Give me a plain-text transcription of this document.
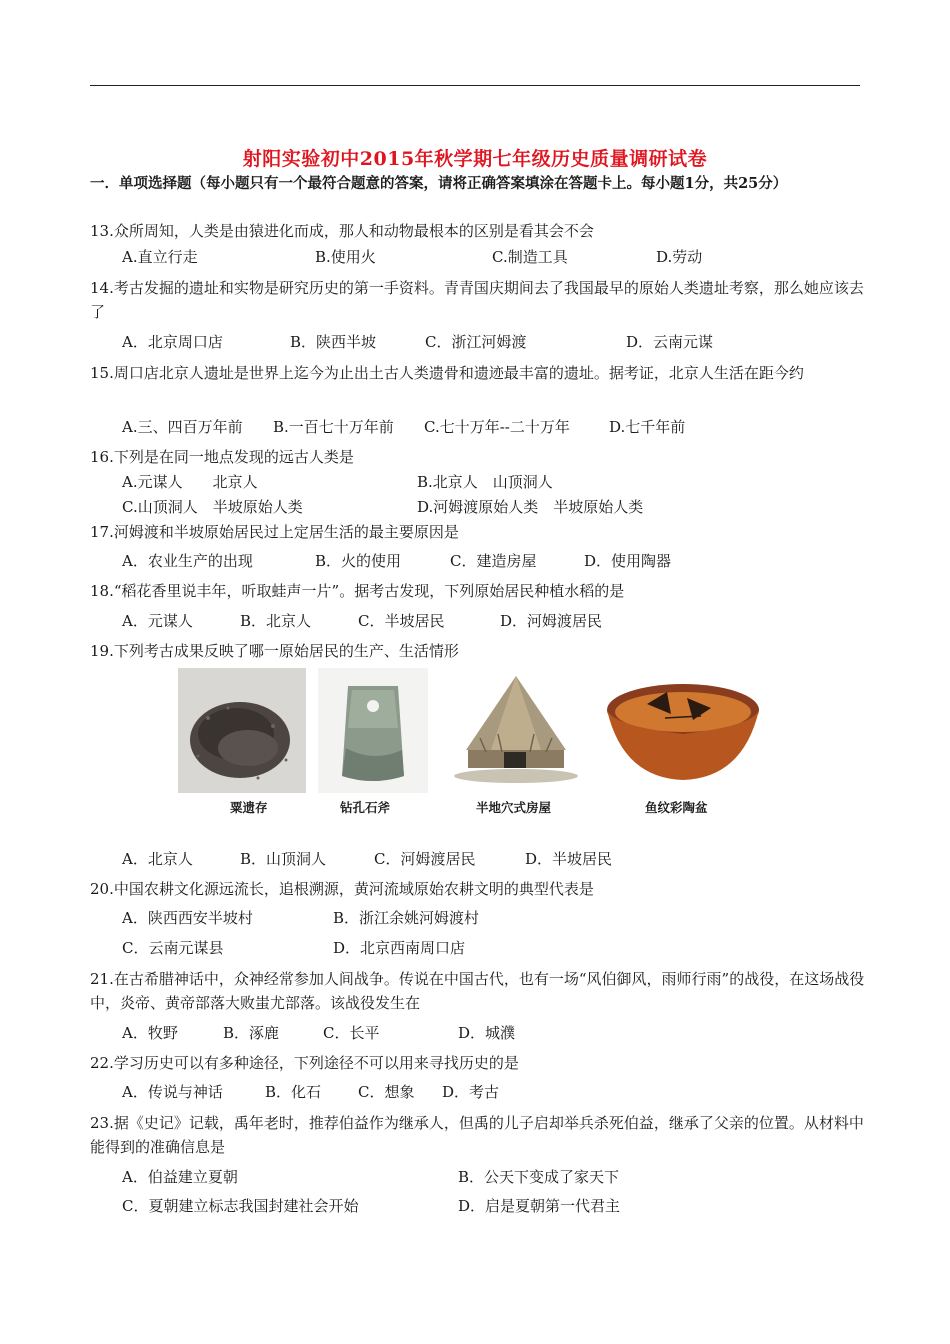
射阳实验初中2015年秋学期七年级历史质量调研试卷
一．单项选择题（每小题只有一个最符合题意的答案，请将正确答案填涂在答题卡上。每小题1分，共25分）
13.众所周知，人类是由猿进化而成，那人和动物最根本的区别是看其会不会
A.直立行走	B.使用火	C.制造工具	D.劳动
14.考古发掘的遗址和实物是研究历史的第一手资料。青青国庆期间去了我国最早的原始人类遗址考察，那么她应该去了
A．北京周口店	B．陕西半坡	C．浙江河姆渡	D．云南元谋
15.周口店北京人遗址是世界上迄今为止出土古人类遗骨和遗迹最丰富的遗址。据考证，北京人生活在距今约
A.三、四百万年前 B.一百七十万年前 C.七十万年--二十万年	D.七千年前
16.下列是在同一地点发现的远古人类是
A.元谋人　　北京人	B.北京人　山顶洞人
C.山顶洞人　半坡原始人类	D.河姆渡原始人类　半坡原始人类
17.河姆渡和半坡原始居民过上定居生活的最主要原因是
A．农业生产的出现	B．火的使用	C．建造房屋	D．使用陶器
18.“稻花香里说丰年，听取蛙声一片”。据考古发现，下列原始居民种植水稻的是
A．元谋人	B．北京人	C．半坡居民	D．河姆渡居民
19.下列考古成果反映了哪一原始居民的生产、生活情形
粟遗存	钻孔石斧	半地穴式房屋	鱼纹彩陶盆
A．北京人	B．山顶洞人	C．河姆渡居民	D．半坡居民
20.中国农耕文化源远流长，追根溯源，黄河流域原始农耕文明的典型代表是
A．陕西西安半坡村	B．浙江余姚河姆渡村
C．云南元谋县	D．北京西南周口店
21.在古希腊神话中，众神经常参加人间战争。传说在中国古代，也有一场“风伯御风，雨师行雨”的战役，在这场战役中，炎帝、黄帝部落大败蚩尤部落。该战役发生在
A．牧野	B．涿鹿	C．长平	D．城濮
22.学习历史可以有多种途径，下列途径不可以用来寻找历史的是
A．传说与神话	B．化石 C．想象 D．考古
23.据《史记》记载，禹年老时，推荐伯益作为继承人，但禹的儿子启却举兵杀死伯益，继承了父亲的位置。从材料中能得到的准确信息是
A．伯益建立夏朝	B．公天下变成了家天下
C．夏朝建立标志我国封建社会开始	D．启是夏朝第一代君主
